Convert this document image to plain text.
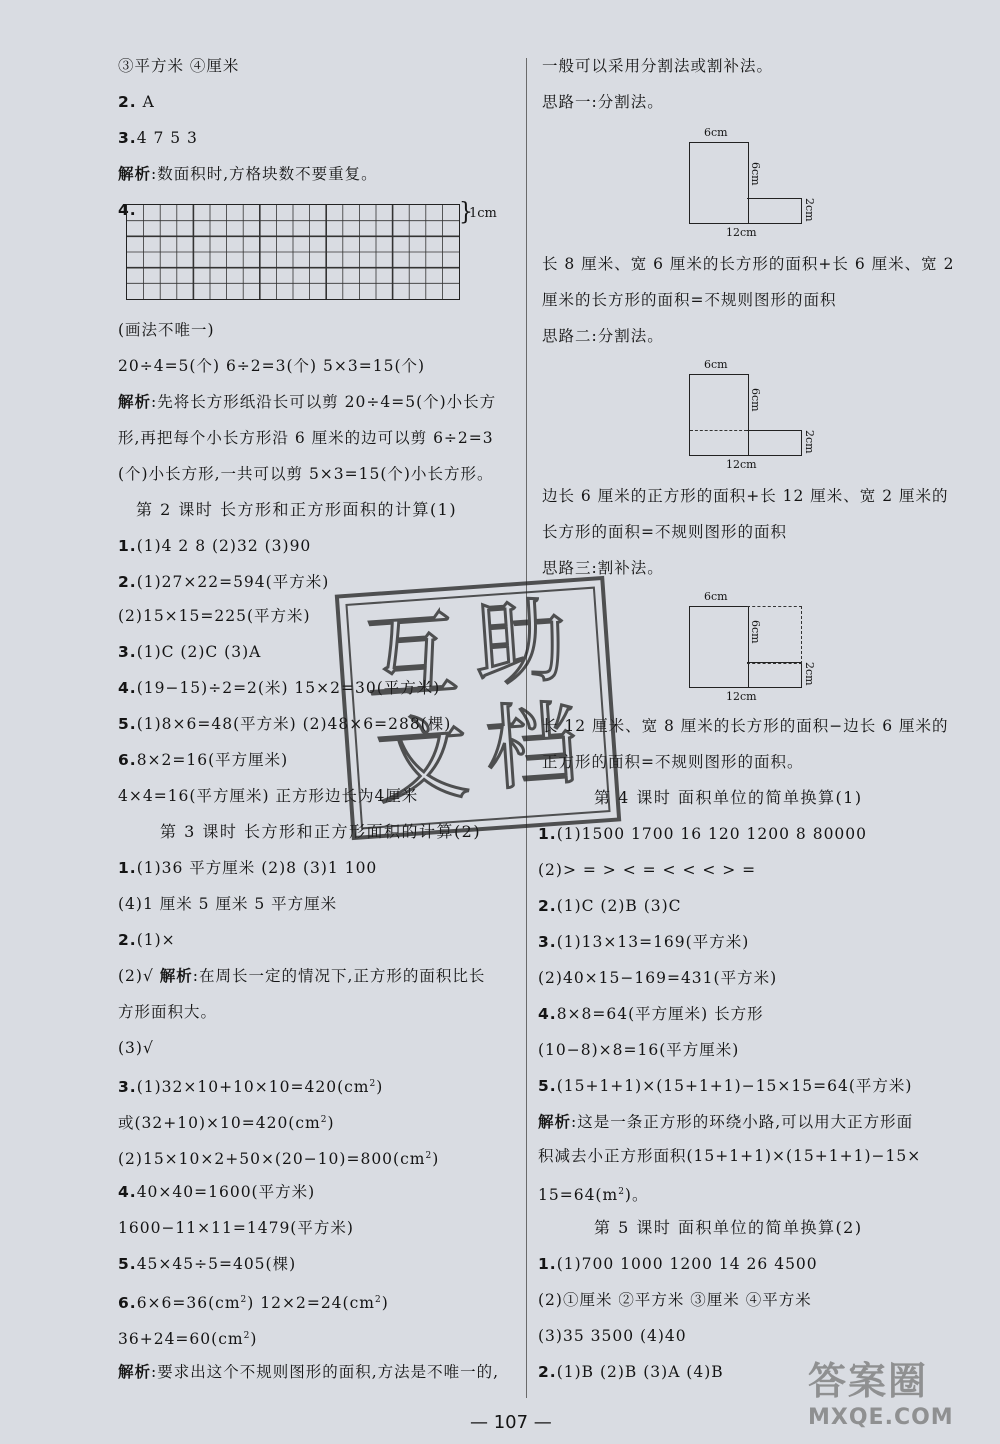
③平方米 ④厘米
2. A
3.4 7 5 3
解析:数面积时,方格块数不要重复。
4.	}
1cm
(画法不唯一)
20÷4=5(个) 6÷2=3(个) 5×3=15(个)
解析:先将长方形纸沿长可以剪 20÷4=5(个)小长方
形,再把每个小长方形沿 6 厘米的边可以剪 6÷2=3
(个)小长方形,一共可以剪 5×3=15(个)小长方形。
第 2 课时 长方形和正方形面积的计算(1)
1.(1)4 2 8 (2)32 (3)90
2.(1)27×22=594(平方米)
(2)15×15=225(平方米)
3.(1)C (2)C (3)A
4.(19−15)÷2=2(米) 15×2=30(平方米)
5.(1)8×6=48(平方米) (2)48×6=288(棵)
6.8×2=16(平方厘米)
4×4=16(平方厘米) 正方形边长为4厘米
第 3 课时 长方形和正方形面积的计算(2)
1.(1)36 平方厘米 (2)8 (3)1 100
(4)1 厘米 5 厘米 5 平方厘米
2.(1)×
(2)√ 解析:在周长一定的情况下,正方形的面积比长
方形面积大。
(3)√
$3.(1)32\times 10+10\times 10=420(cm^2)$
或$(32+10)\times 10=420(cm^2)$
$(2)15\times 10\times 2+50\times(20-10)=800(cm^2)$
4.40×40=1600(平方米)
1600−11×11=1479(平方米)
5.45×45÷5=405(棵)
$6.6\times 6=36(cm^2)$ $12\times 2=24(cm^2)$
$36+24=60(cm^2)$
解析:要求出这个不规则图形的面积,方法是不唯一的,
一般可以采用分割法或割补法。
思路一:分割法。
6cm
6cm
2cm
12cm
长 8 厘米、宽 6 厘米的长方形的面积+长 6 厘米、宽 2
厘米的长方形的面积=不规则图形的面积
思路二:分割法。
6cm
6cm
2cm
12cm
边长 6 厘米的正方形的面积+长 12 厘米、宽 2 厘米的
长方形的面积=不规则图形的面积
思路三:割补法。
6cm
6cm
2cm
12cm
长 12 厘米、宽 8 厘米的长方形的面积−边长 6 厘米的
正方形的面积=不规则图形的面积。
第 4 课时 面积单位的简单换算(1)
1.(1)1500 1700 16 120 1200 8 80000
(2)> = > < = < < < > =
2.(1)C (2)B (3)C
3.(1)13×13=169(平方米)
(2)40×15−169=431(平方米)
4.8×8=64(平方厘米) 长方形
(10−8)×8=16(平方厘米)
5.(15+1+1)×(15+1+1)−15×15=64(平方米)
解析:这是一条正方形的环绕小路,可以用大正方形面
积减去小正方形面积(15+1+1)×(15+1+1)−15×
$15=64(m^2)$。
第 5 课时 面积单位的简单换算(2)
1.(1)700 1000 1200 14 26 4500
(2)①厘米 ②平方米 ③厘米 ④平方米
(3)35 3500 (4)40
2.(1)B (2)B (3)A (4)B
互 助
文 档
— 107 —
答案圈
MXQE.COM
